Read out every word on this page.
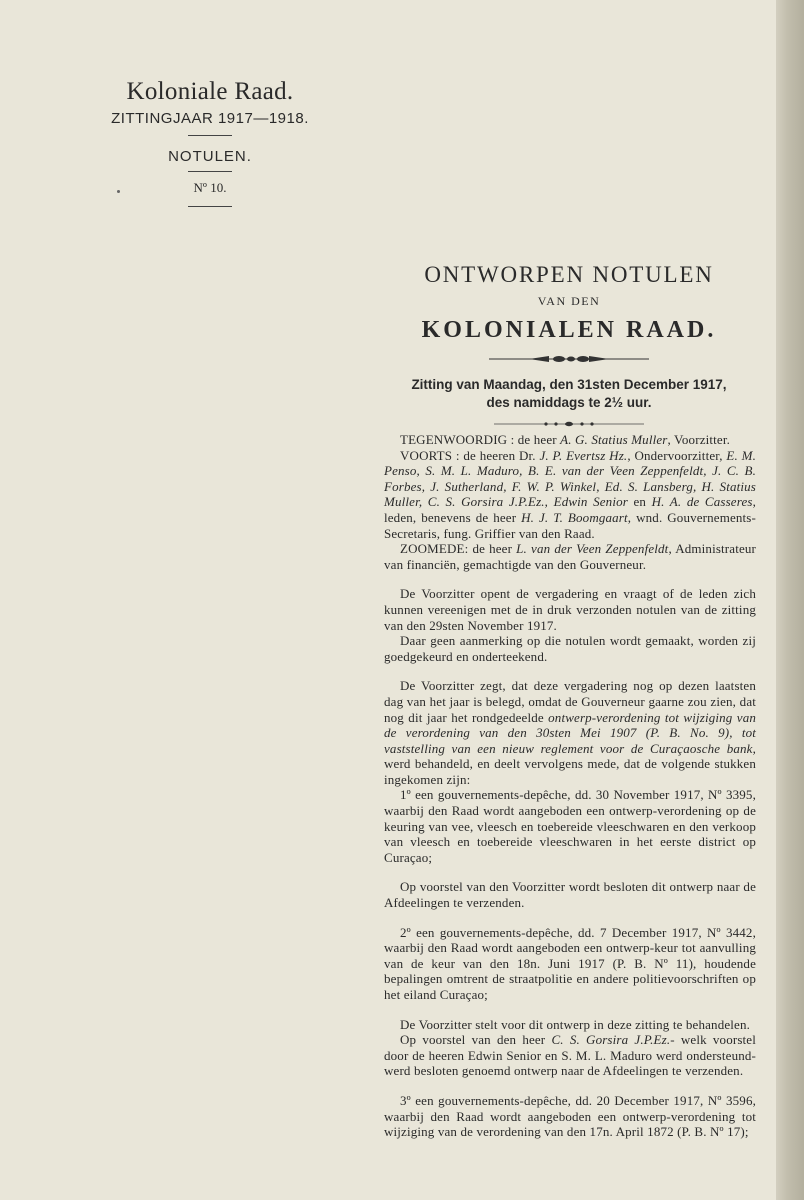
Koloniale Raad.
ZITTINGJAAR 1917—1918.
NOTULEN.
Nº 10.
ONTWORPEN NOTULEN
VAN DEN
KOLONIALEN RAAD.
Zitting van Maandag, den 31sten December 1917,
des namiddags te 2½ uur.

TEGENWOORDIG : de heer A. G. Statius Muller, Voorzitter.

VOORTS : de heeren Dr. J. P. Evertsz Hz., Ondervoorzitter, E. M. Penso, S. M. L. Maduro, B. E. van der Veen Zeppenfeldt, J. C. B. Forbes, J. Sutherland, F. W. P. Winkel, Ed. S. Lansberg, H. Statius Muller, C. S. Gorsira J.P.Ez., Edwin Senior en H. A. de Casseres, leden, benevens de heer H. J. T. Boomgaart, wnd. Gouvernements-Secretaris, fung. Griffier van den Raad.

ZOOMEDE: de heer L. van der Veen Zeppenfeldt, Administrateur van financiën, gemachtigde van den Gouverneur.

De Voorzitter opent de vergadering en vraagt of de leden zich kunnen vereenigen met de in druk verzonden notulen van de zitting van den 29sten November 1917.

Daar geen aanmerking op die notulen wordt gemaakt, worden zij goedgekeurd en onderteekend.

De Voorzitter zegt, dat deze vergadering nog op dezen laatsten dag van het jaar is belegd, omdat de Gouverneur gaarne zou zien, dat nog dit jaar het rondgedeelde ontwerp-verordening tot wijziging van de verordening van den 30sten Mei 1907 (P. B. No. 9), tot vaststelling van een nieuw reglement voor de Curaçaosche bank, werd behandeld, en deelt vervolgens mede, dat de volgende stukken ingekomen zijn:

1º een gouvernements-depêche, dd. 30 November 1917, Nº 3395, waarbij den Raad wordt aangeboden een ontwerp-verordening op de keuring van vee, vleesch en toebereide vleeschwaren en den verkoop van vleesch en toebereide vleeschwaren in het eerste district op Curaçao;

Op voorstel van den Voorzitter wordt besloten dit ontwerp naar de Afdeelingen te verzenden.

2º een gouvernements-depêche, dd. 7 December 1917, Nº 3442, waarbij den Raad wordt aangeboden een ontwerp-keur tot aanvulling van de keur van den 18n. Juni 1917 (P. B. Nº 11), houdende bepalingen omtrent de straatpolitie en andere politievoorschriften op het eiland Curaçao;

De Voorzitter stelt voor dit ontwerp in deze zitting te behandelen.

Op voorstel van den heer C. S. Gorsira J.P.Ez.- welk voorstel door de heeren Edwin Senior en S. M. L. Maduro werd ondersteund- werd besloten genoemd ontwerp naar de Afdeelingen te verzenden.

3º een gouvernements-depêche, dd. 20 December 1917, Nº 3596, waarbij den Raad wordt aangeboden een ontwerp-verordening tot wijziging van de verordening van den 17n. April 1872 (P. B. Nº 17);
